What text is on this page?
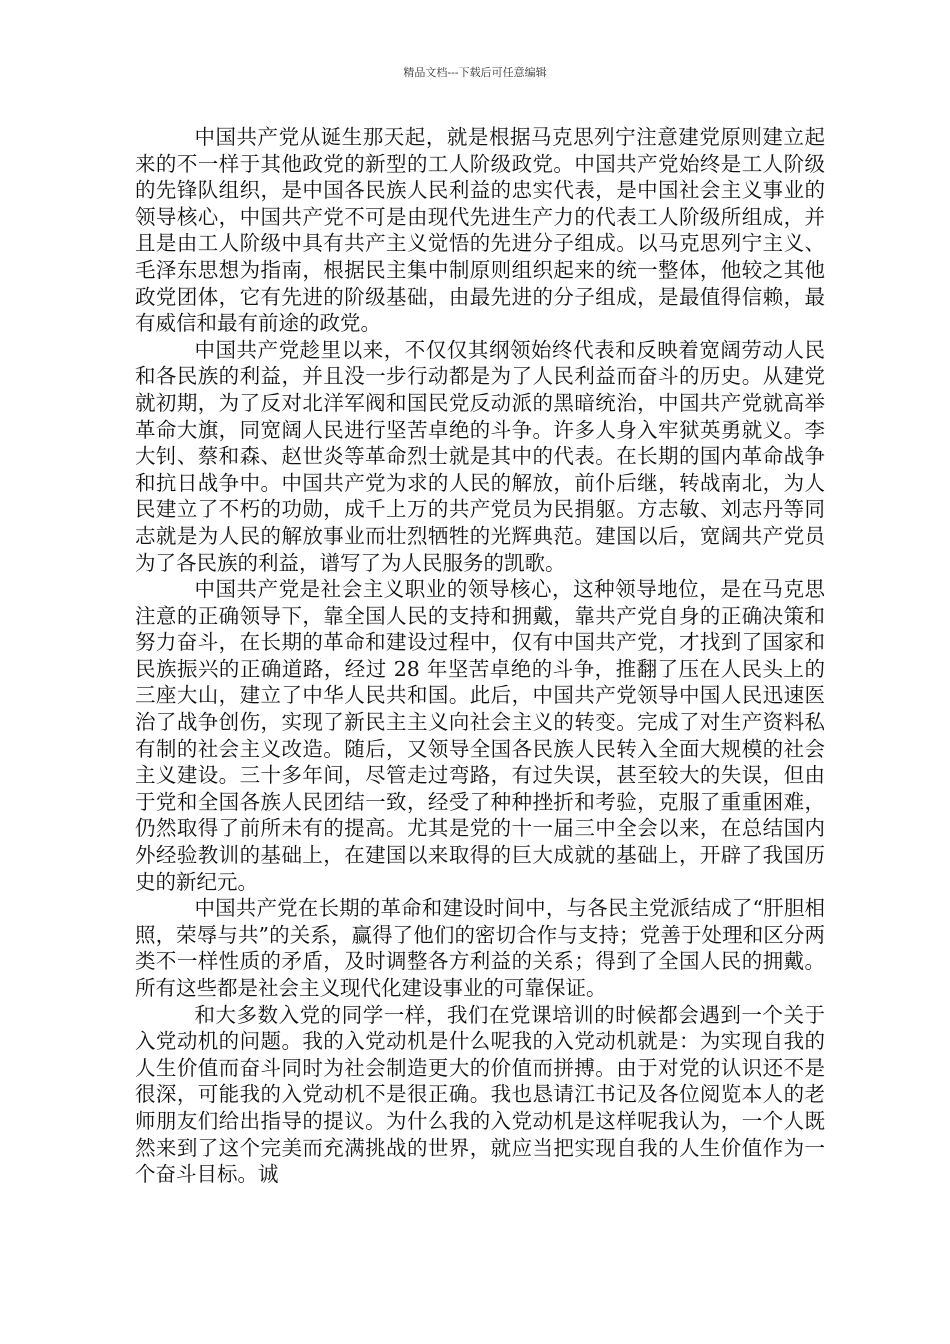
精品文档---下载后可任意编辑

中国共产党从诞生那天起，就是根据马克思列宁注意建党原则建立起来的不一样于其他政党的新型的工人阶级政党。中国共产党始终是工人阶级的先锋队组织，是中国各民族人民利益的忠实代表，是中国社会主义事业的领导核心，中国共产党不可是由现代先进生产力的代表工人阶级所组成，并且是由工人阶级中具有共产主义觉悟的先进分子组成。以马克思列宁主义、毛泽东思想为指南，根据民主集中制原则组织起来的统一整体，他较之其他政党团体，它有先进的阶级基础，由最先进的分子组成，是最值得信赖，最有威信和最有前途的政党。

中国共产党趁里以来，不仅仅其纲领始终代表和反映着宽阔劳动人民和各民族的利益，并且没一步行动都是为了人民利益而奋斗的历史。从建党就初期，为了反对北洋军阀和国民党反动派的黑暗统治，中国共产党就高举革命大旗，同宽阔人民进行坚苦卓绝的斗争。许多人身入牢狱英勇就义。李大钊、蔡和森、赵世炎等革命烈士就是其中的代表。在长期的国内革命战争和抗日战争中。中国共产党为求的人民的解放，前仆后继，转战南北，为人民建立了不朽的功勋，成千上万的共产党员为民捐躯。方志敏、刘志丹等同志就是为人民的解放事业而壮烈牺牲的光辉典范。建国以后，宽阔共产党员为了各民族的利益，谱写了为人民服务的凯歌。

中国共产党是社会主义职业的领导核心，这种领导地位，是在马克思注意的正确领导下，靠全国人民的支持和拥戴，靠共产党自身的正确决策和努力奋斗，在长期的革命和建设过程中，仅有中国共产党，才找到了国家和民族振兴的正确道路，经过 28 年坚苦卓绝的斗争，推翻了压在人民头上的三座大山，建立了中华人民共和国。此后，中国共产党领导中国人民迅速医治了战争创伤，实现了新民主主义向社会主义的转变。完成了对生产资料私有制的社会主义改造。随后，又领导全国各民族人民转入全面大规模的社会主义建设。三十多年间，尽管走过弯路，有过失误，甚至较大的失误，但由于党和全国各族人民团结一致，经受了种种挫折和考验，克服了重重困难，仍然取得了前所未有的提高。尤其是党的十一届三中全会以来，在总结国内外经验教训的基础上，在建国以来取得的巨大成就的基础上，开辟了我国历史的新纪元。

中国共产党在长期的革命和建设时间中，与各民主党派结成了“肝胆相照，荣辱与共”的关系，赢得了他们的密切合作与支持；党善于处理和区分两类不一样性质的矛盾，及时调整各方利益的关系；得到了全国人民的拥戴。所有这些都是社会主义现代化建设事业的可靠保证。

和大多数入党的同学一样，我们在党课培训的时候都会遇到一个关于入党动机的问题。我的入党动机是什么呢我的入党动机就是：为实现自我的人生价值而奋斗同时为社会制造更大的价值而拼搏。由于对党的认识还不是很深，可能我的入党动机不是很正确。我也恳请江书记及各位阅览本人的老师朋友们给出指导的提议。为什么我的入党动机是这样呢我认为，一个人既然来到了这个完美而充满挑战的世界，就应当把实现自我的人生价值作为一个奋斗目标。诚
